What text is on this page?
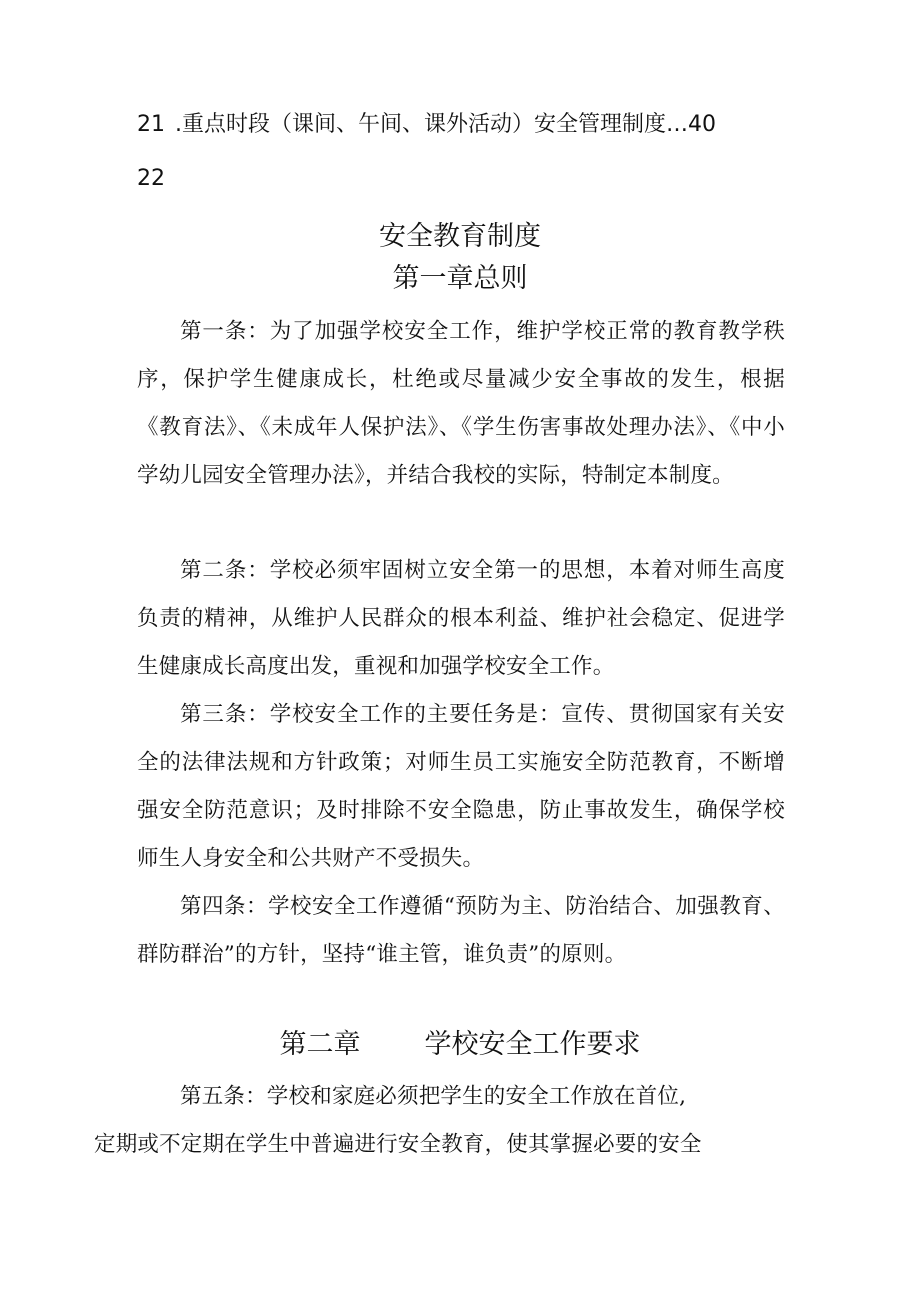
21 .重点时段（课间、午间、课外活动）安全管理制度…40
22
安全教育制度
第一章总则
第一条：为了加强学校安全工作，维护学校正常的教育教学秩序，保护学生健康成长，杜绝或尽量减少安全事故的发生，根据《教育法》、《未成年人保护法》、《学生伤害事故处理办法》、《中小学幼儿园安全管理办法》，并结合我校的实际，特制定本制度。
第二条：学校必须牢固树立安全第一的思想，本着对师生高度负责的精神，从维护人民群众的根本利益、维护社会稳定、促进学生健康成长高度出发，重视和加强学校安全工作。
第三条：学校安全工作的主要任务是：宣传、贯彻国家有关安全的法律法规和方针政策；对师生员工实施安全防范教育，不断增强安全防范意识；及时排除不安全隐患，防止事故发生，确保学校师生人身安全和公共财产不受损失。
第四条：学校安全工作遵循“预防为主、防治结合、加强教育、群防群治”的方针，坚持“谁主管，谁负责”的原则。
第二章 学校安全工作要求
第五条：学校和家庭必须把学生的安全工作放在首位,
定期或不定期在学生中普遍进行安全教育，使其掌握必要的安全
